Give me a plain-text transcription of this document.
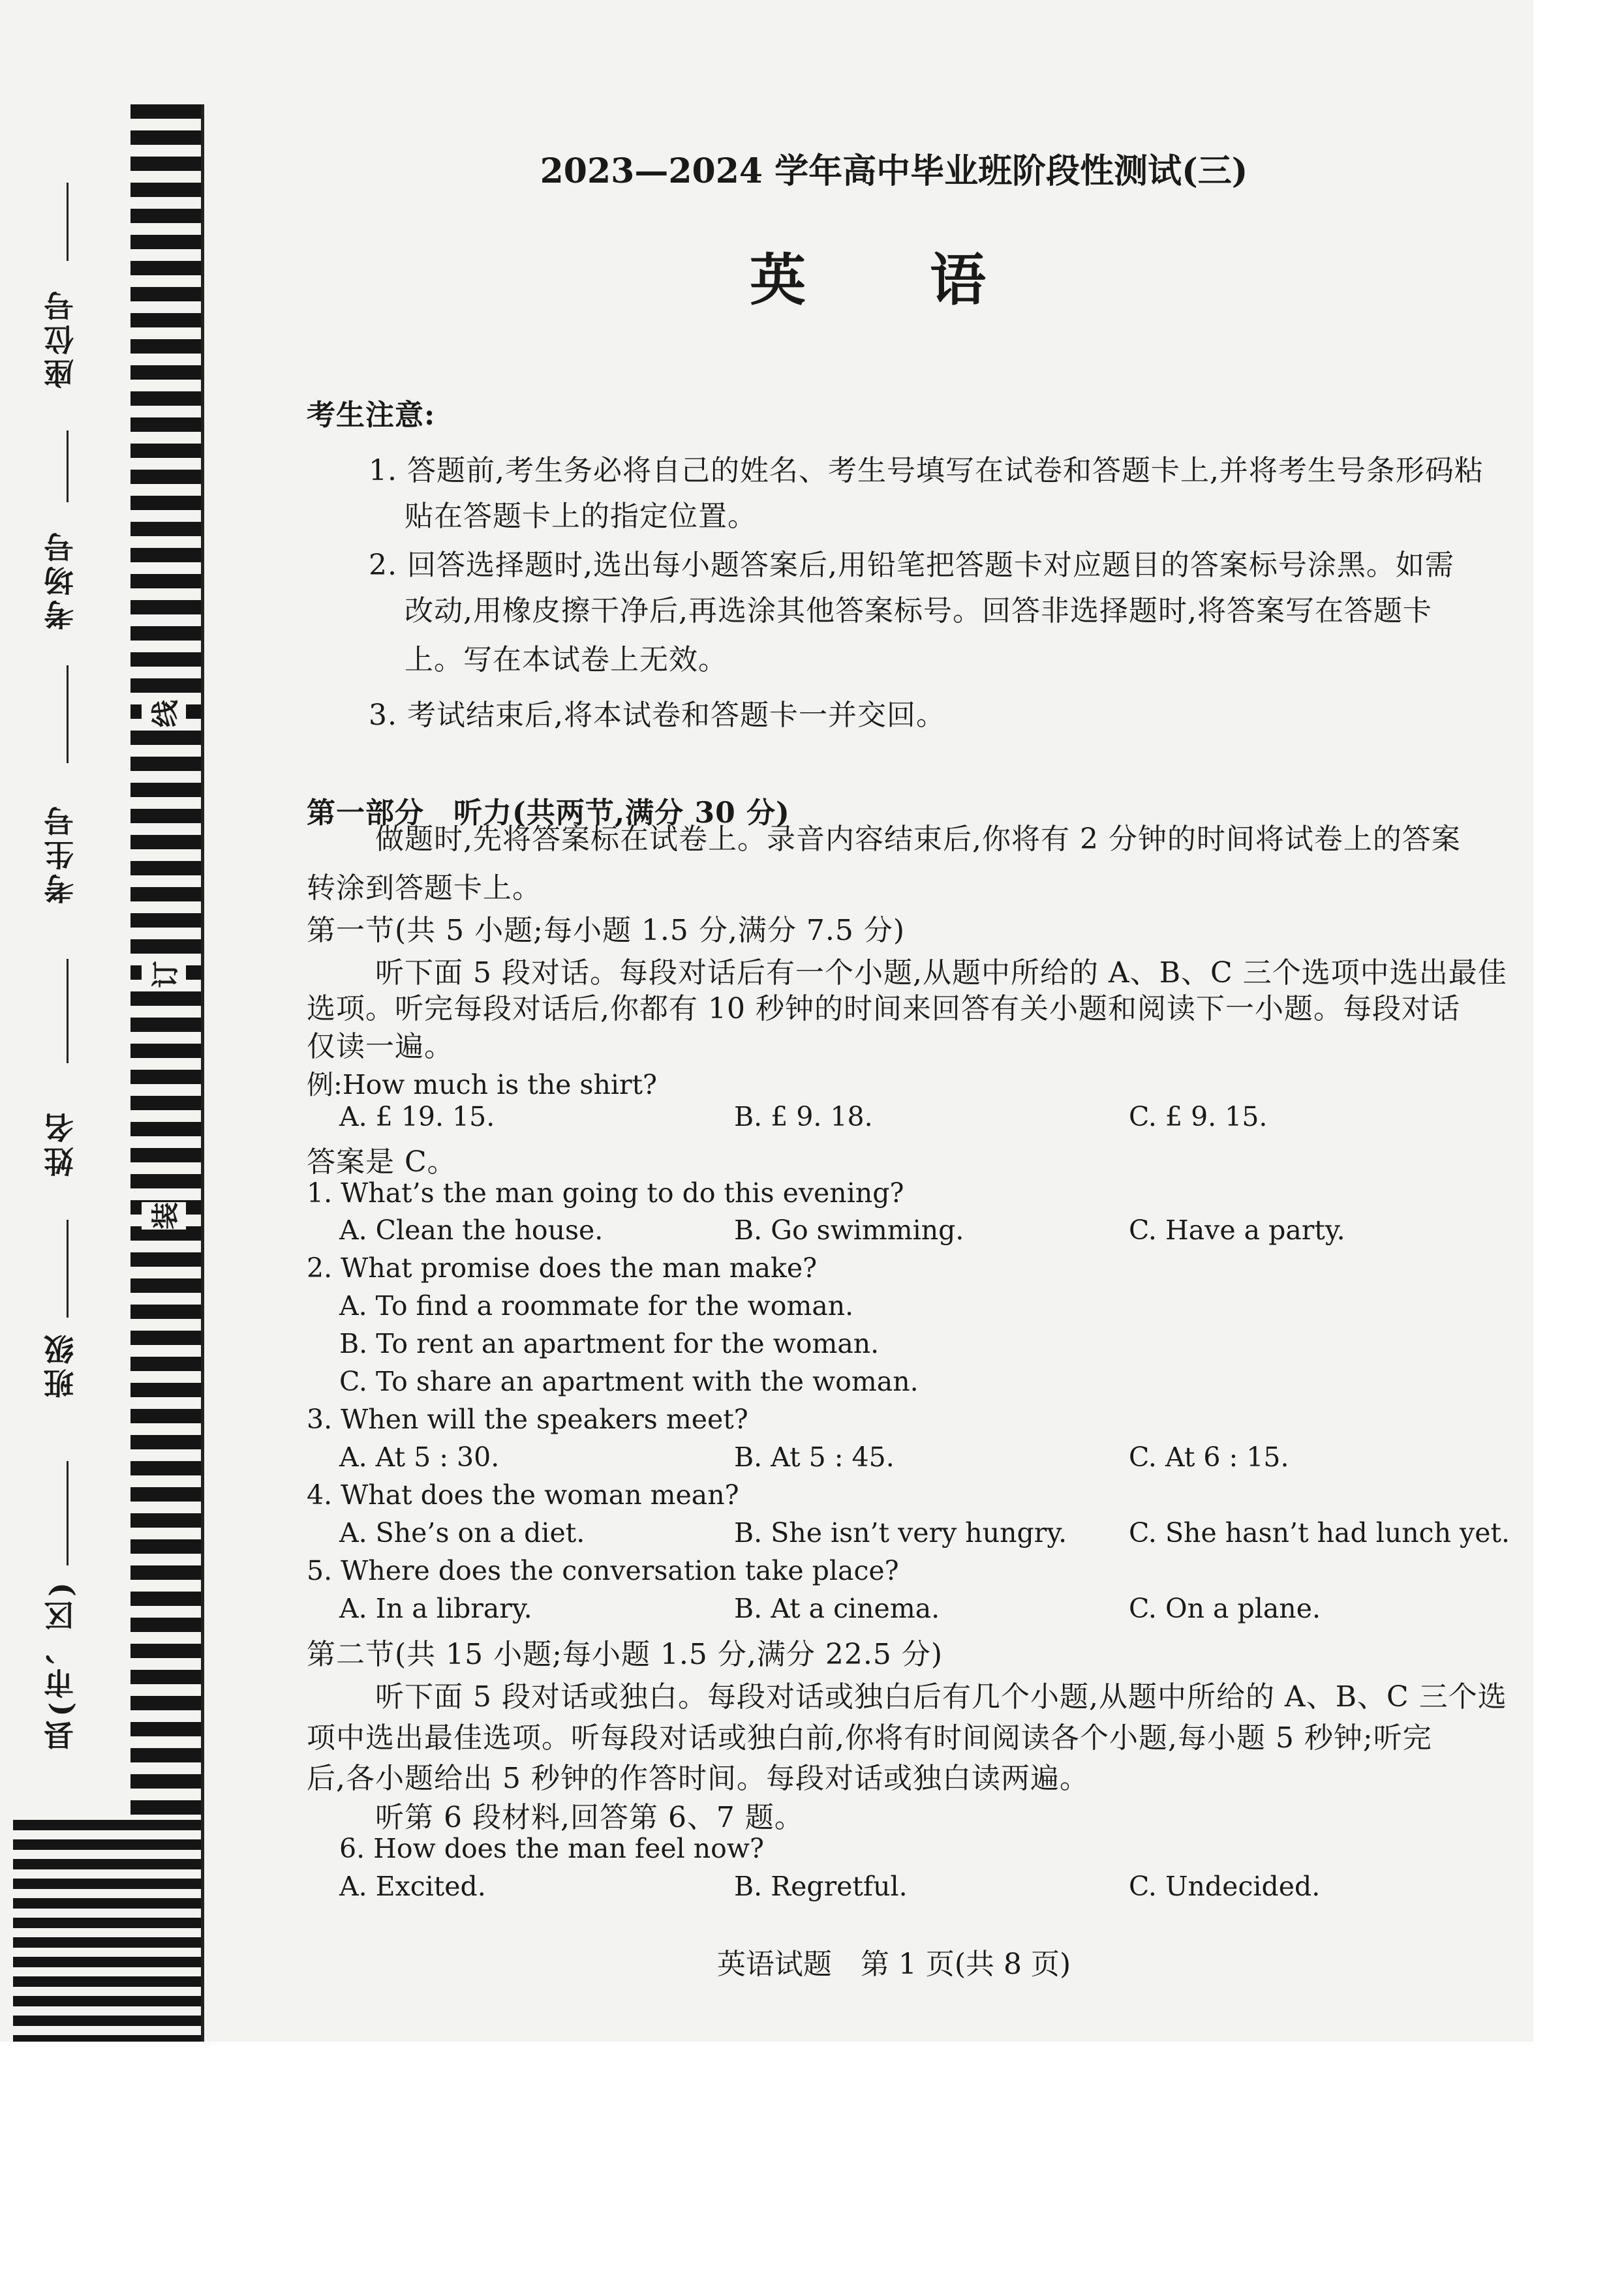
座位号
考场号
考生号
姓名
班级
县(市、区)
线
订
装
2023—2024 学年高中毕业班阶段性测试(三)
英 语
考生注意:
1. 答题前,考生务必将自己的姓名、考生号填写在试卷和答题卡上,并将考生号条形码粘
贴在答题卡上的指定位置。
2. 回答选择题时,选出每小题答案后,用铅笔把答题卡对应题目的答案标号涂黑。如需
改动,用橡皮擦干净后,再选涂其他答案标号。回答非选择题时,将答案写在答题卡
上。写在本试卷上无效。
3. 考试结束后,将本试卷和答题卡一并交回。
第一部分　听力(共两节,满分 30 分)
做题时,先将答案标在试卷上。录音内容结束后,你将有 2 分钟的时间将试卷上的答案
转涂到答题卡上。
第一节(共 5 小题;每小题 1.5 分,满分 7.5 分)
听下面 5 段对话。每段对话后有一个小题,从题中所给的 A、B、C 三个选项中选出最佳
选项。听完每段对话后,你都有 10 秒钟的时间来回答有关小题和阅读下一小题。每段对话
仅读一遍。
例:How much is the shirt?
A. £ 19. 15.	B. £ 9. 18.	C. £ 9. 15.
答案是 C。
1. What’s the man going to do this evening?
A. Clean the house.	B. Go swimming.	C. Have a party.
2. What promise does the man make?
A. To find a roommate for the woman.
B. To rent an apartment for the woman.
C. To share an apartment with the woman.
3. When will the speakers meet?
A. At 5 : 30.	B. At 5 : 45.	C. At 6 : 15.
4. What does the woman mean?
A. She’s on a diet.	B. She isn’t very hungry. C. She hasn’t had lunch yet.
5. Where does the conversation take place?
A. In a library.	B. At a cinema.	C. On a plane.
第二节(共 15 小题;每小题 1.5 分,满分 22.5 分)
听下面 5 段对话或独白。每段对话或独白后有几个小题,从题中所给的 A、B、C 三个选
项中选出最佳选项。听每段对话或独白前,你将有时间阅读各个小题,每小题 5 秒钟;听完
后,各小题给出 5 秒钟的作答时间。每段对话或独白读两遍。
听第 6 段材料,回答第 6、7 题。
6. How does the man feel now?
A. Excited.	B. Regretful.	C. Undecided.
英语试题　第 1 页(共 8 页)
